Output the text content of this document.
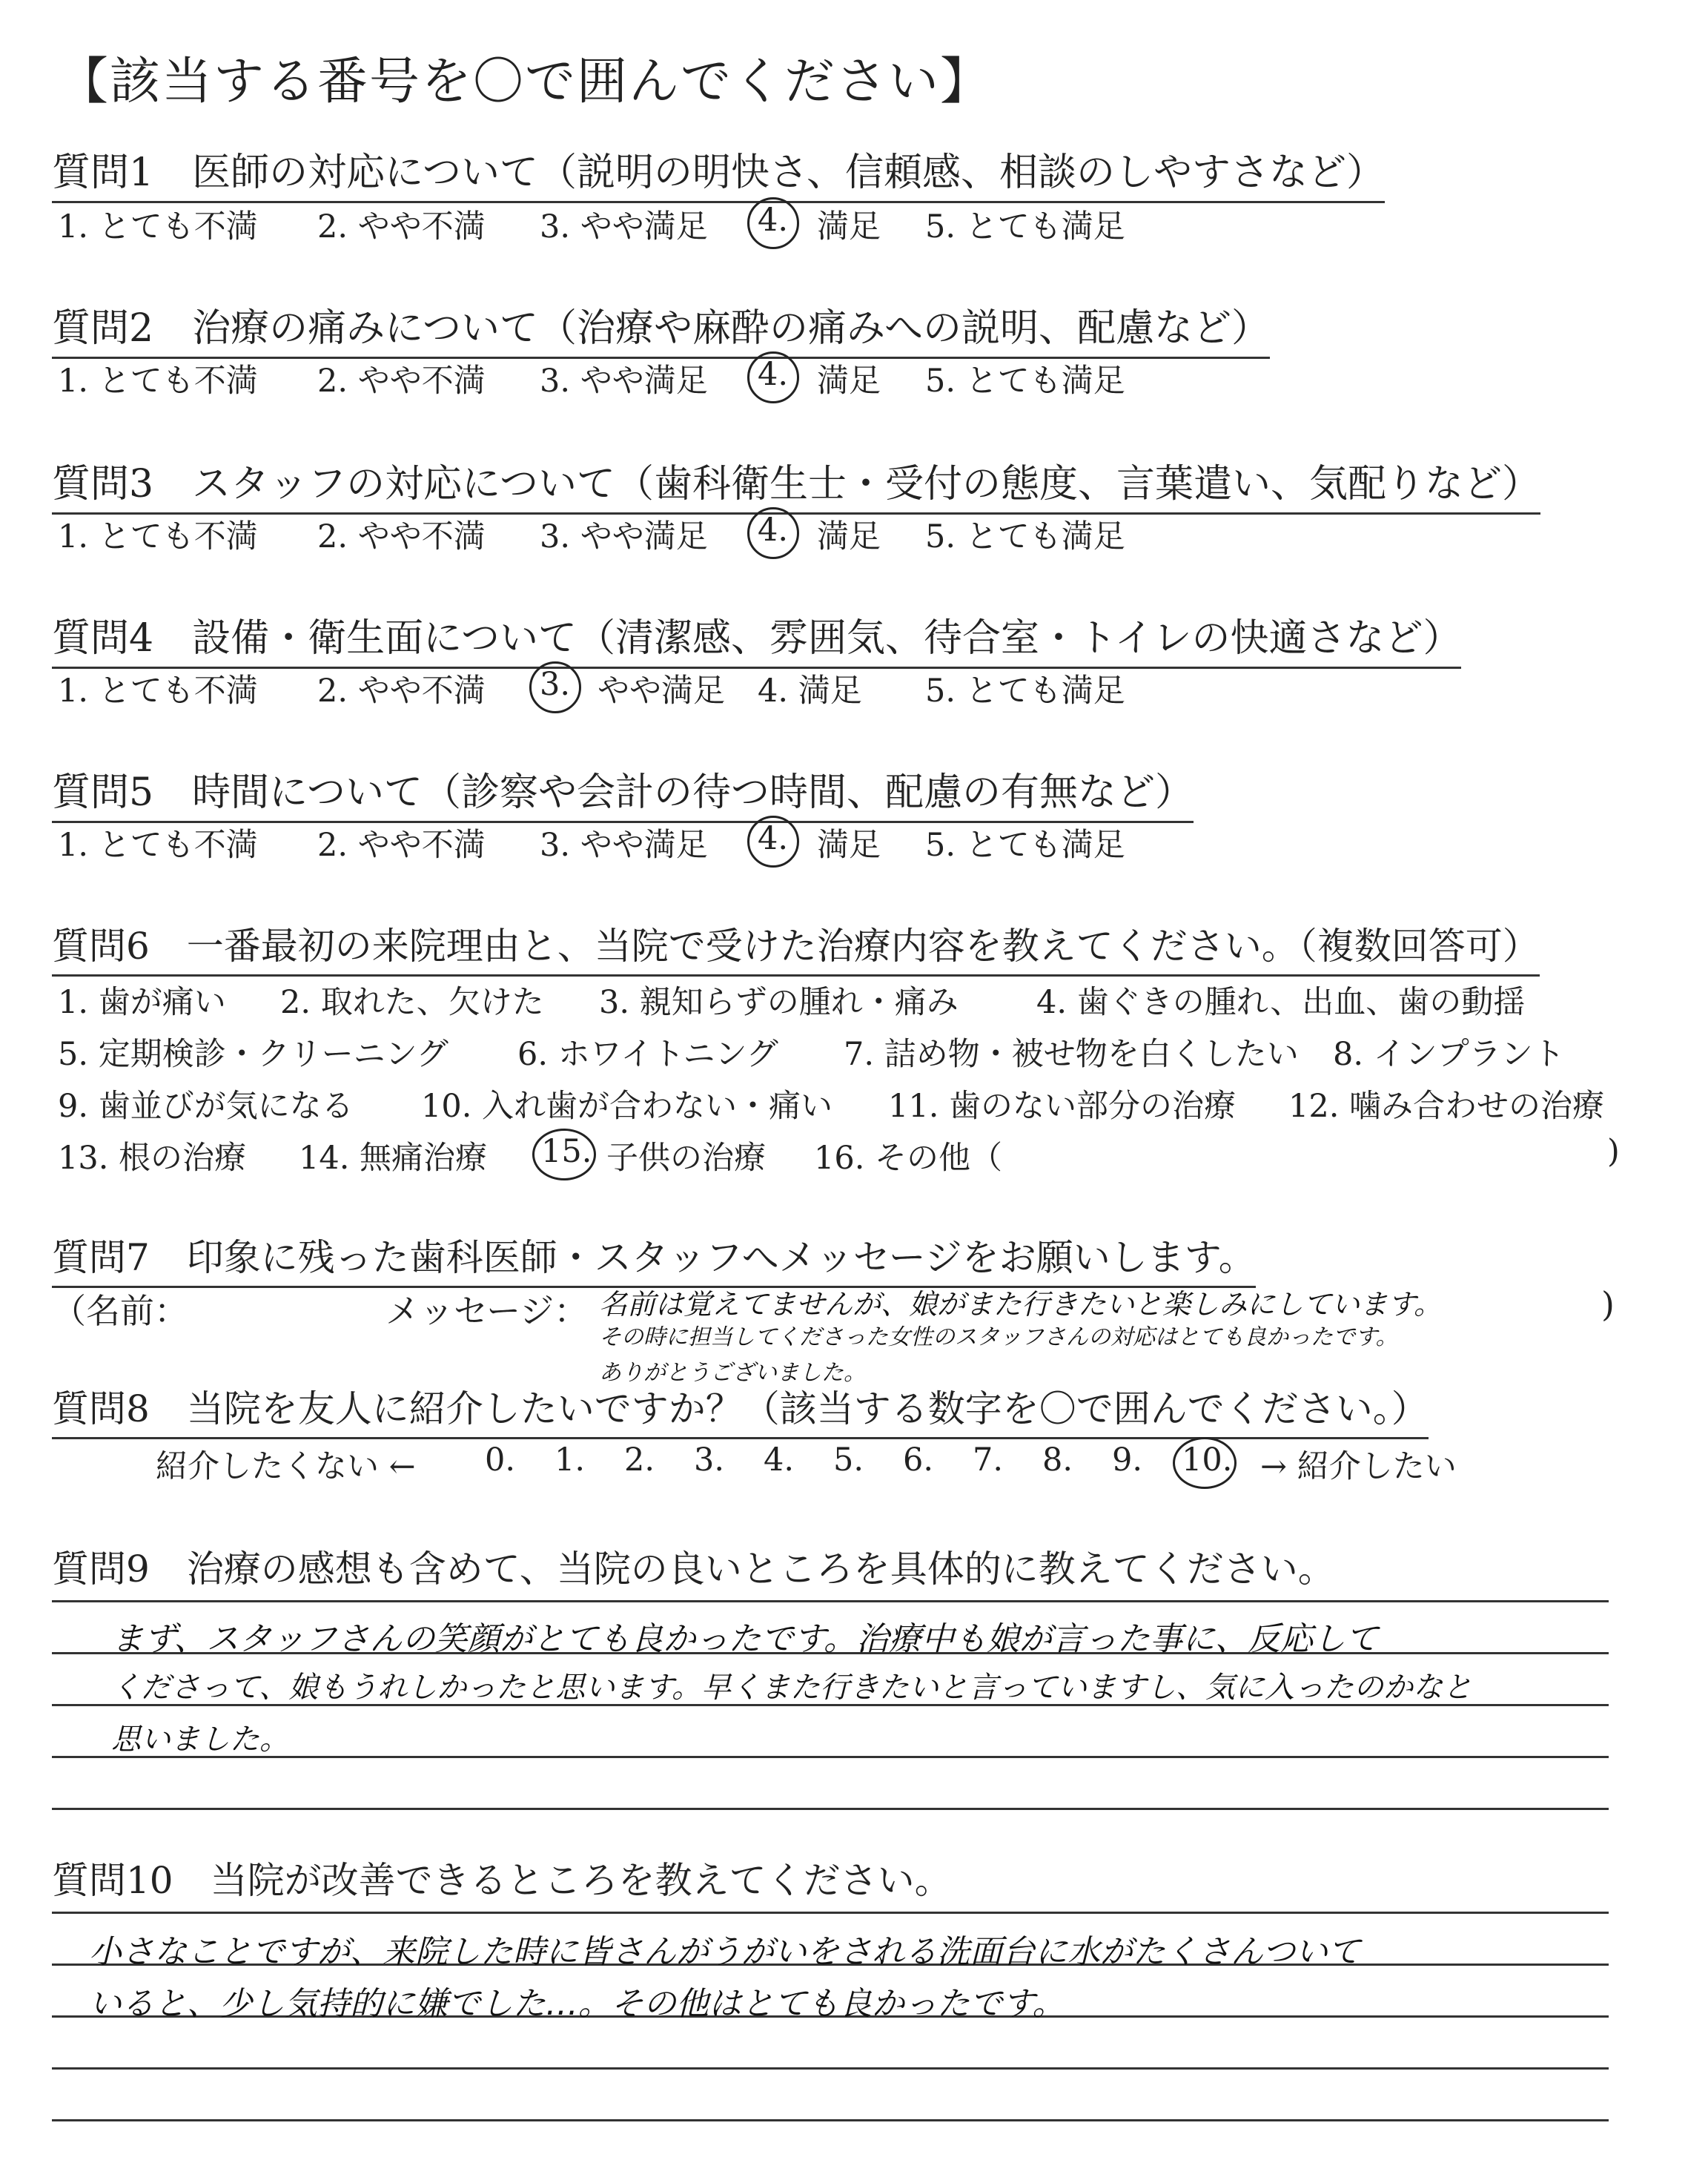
【該当する番号を〇で囲んでください】
質問1　医師の対応について（説明の明快さ、信頼感、相談のしやすさなど）
1. とても不満 2. やや不満 3. やや満足 4. 満足 5. とても満足
質問2　治療の痛みについて（治療や麻酔の痛みへの説明、配慮など）
1. とても不満 2. やや不満 3. やや満足 4. 満足 5. とても満足
質問3　スタッフの対応について（歯科衛生士・受付の態度、言葉遣い、気配りなど）
1. とても不満 2. やや不満 3. やや満足 4. 満足 5. とても満足
質問4　設備・衛生面について（清潔感、雰囲気、待合室・トイレの快適さなど）
1. とても不満 2. やや不満 3. やや満足 4. 満足 5. とても満足
質問5　時間について（診察や会計の待つ時間、配慮の有無など）
1. とても不満 2. やや不満 3. やや満足 4. 満足 5. とても満足
質問6　一番最初の来院理由と、当院で受けた治療内容を教えてください。（複数回答可）
1. 歯が痛い 2. 取れた、欠けた 3. 親知らずの腫れ・痛み 4. 歯ぐきの腫れ、出血、歯の動揺
5. 定期検診・クリーニング 6. ホワイトニング 7. 詰め物・被せ物を白くしたい 8. インプラント
9. 歯並びが気になる 10. 入れ歯が合わない・痛い 11. 歯のない部分の治療 12. 噛み合わせの治療
13. 根の治療 14. 無痛治療 15. 子供の治療 16. その他（	)
質問7　印象に残った歯科医師・スタッフへメッセージをお願いします。
（名前：	メッセージ：	)
名前は覚えてませんが、娘がまた行きたいと楽しみにしています。
その時に担当してくださった女性のスタッフさんの対応はとても良かったです。
ありがとうございました。
質問8　当院を友人に紹介したいですか？（該当する数字を〇で囲んでください。）
紹介したくない ← 0. 1. 2. 3. 4. 5. 6. 7. 8. 9. 10. → 紹介したい
質問9　治療の感想も含めて、当院の良いところを具体的に教えてください。
まず、スタッフさんの笑顔がとても良かったです。治療中も娘が言った事に、反応して
くださって、娘もうれしかったと思います。早くまた行きたいと言っていますし、気に入ったのかなと
思いました。
質問10　当院が改善できるところを教えてください。
小さなことですが、来院した時に皆さんがうがいをされる洗面台に水がたくさんついて
いると、少し気持的に嫌でした…。その他はとても良かったです。
